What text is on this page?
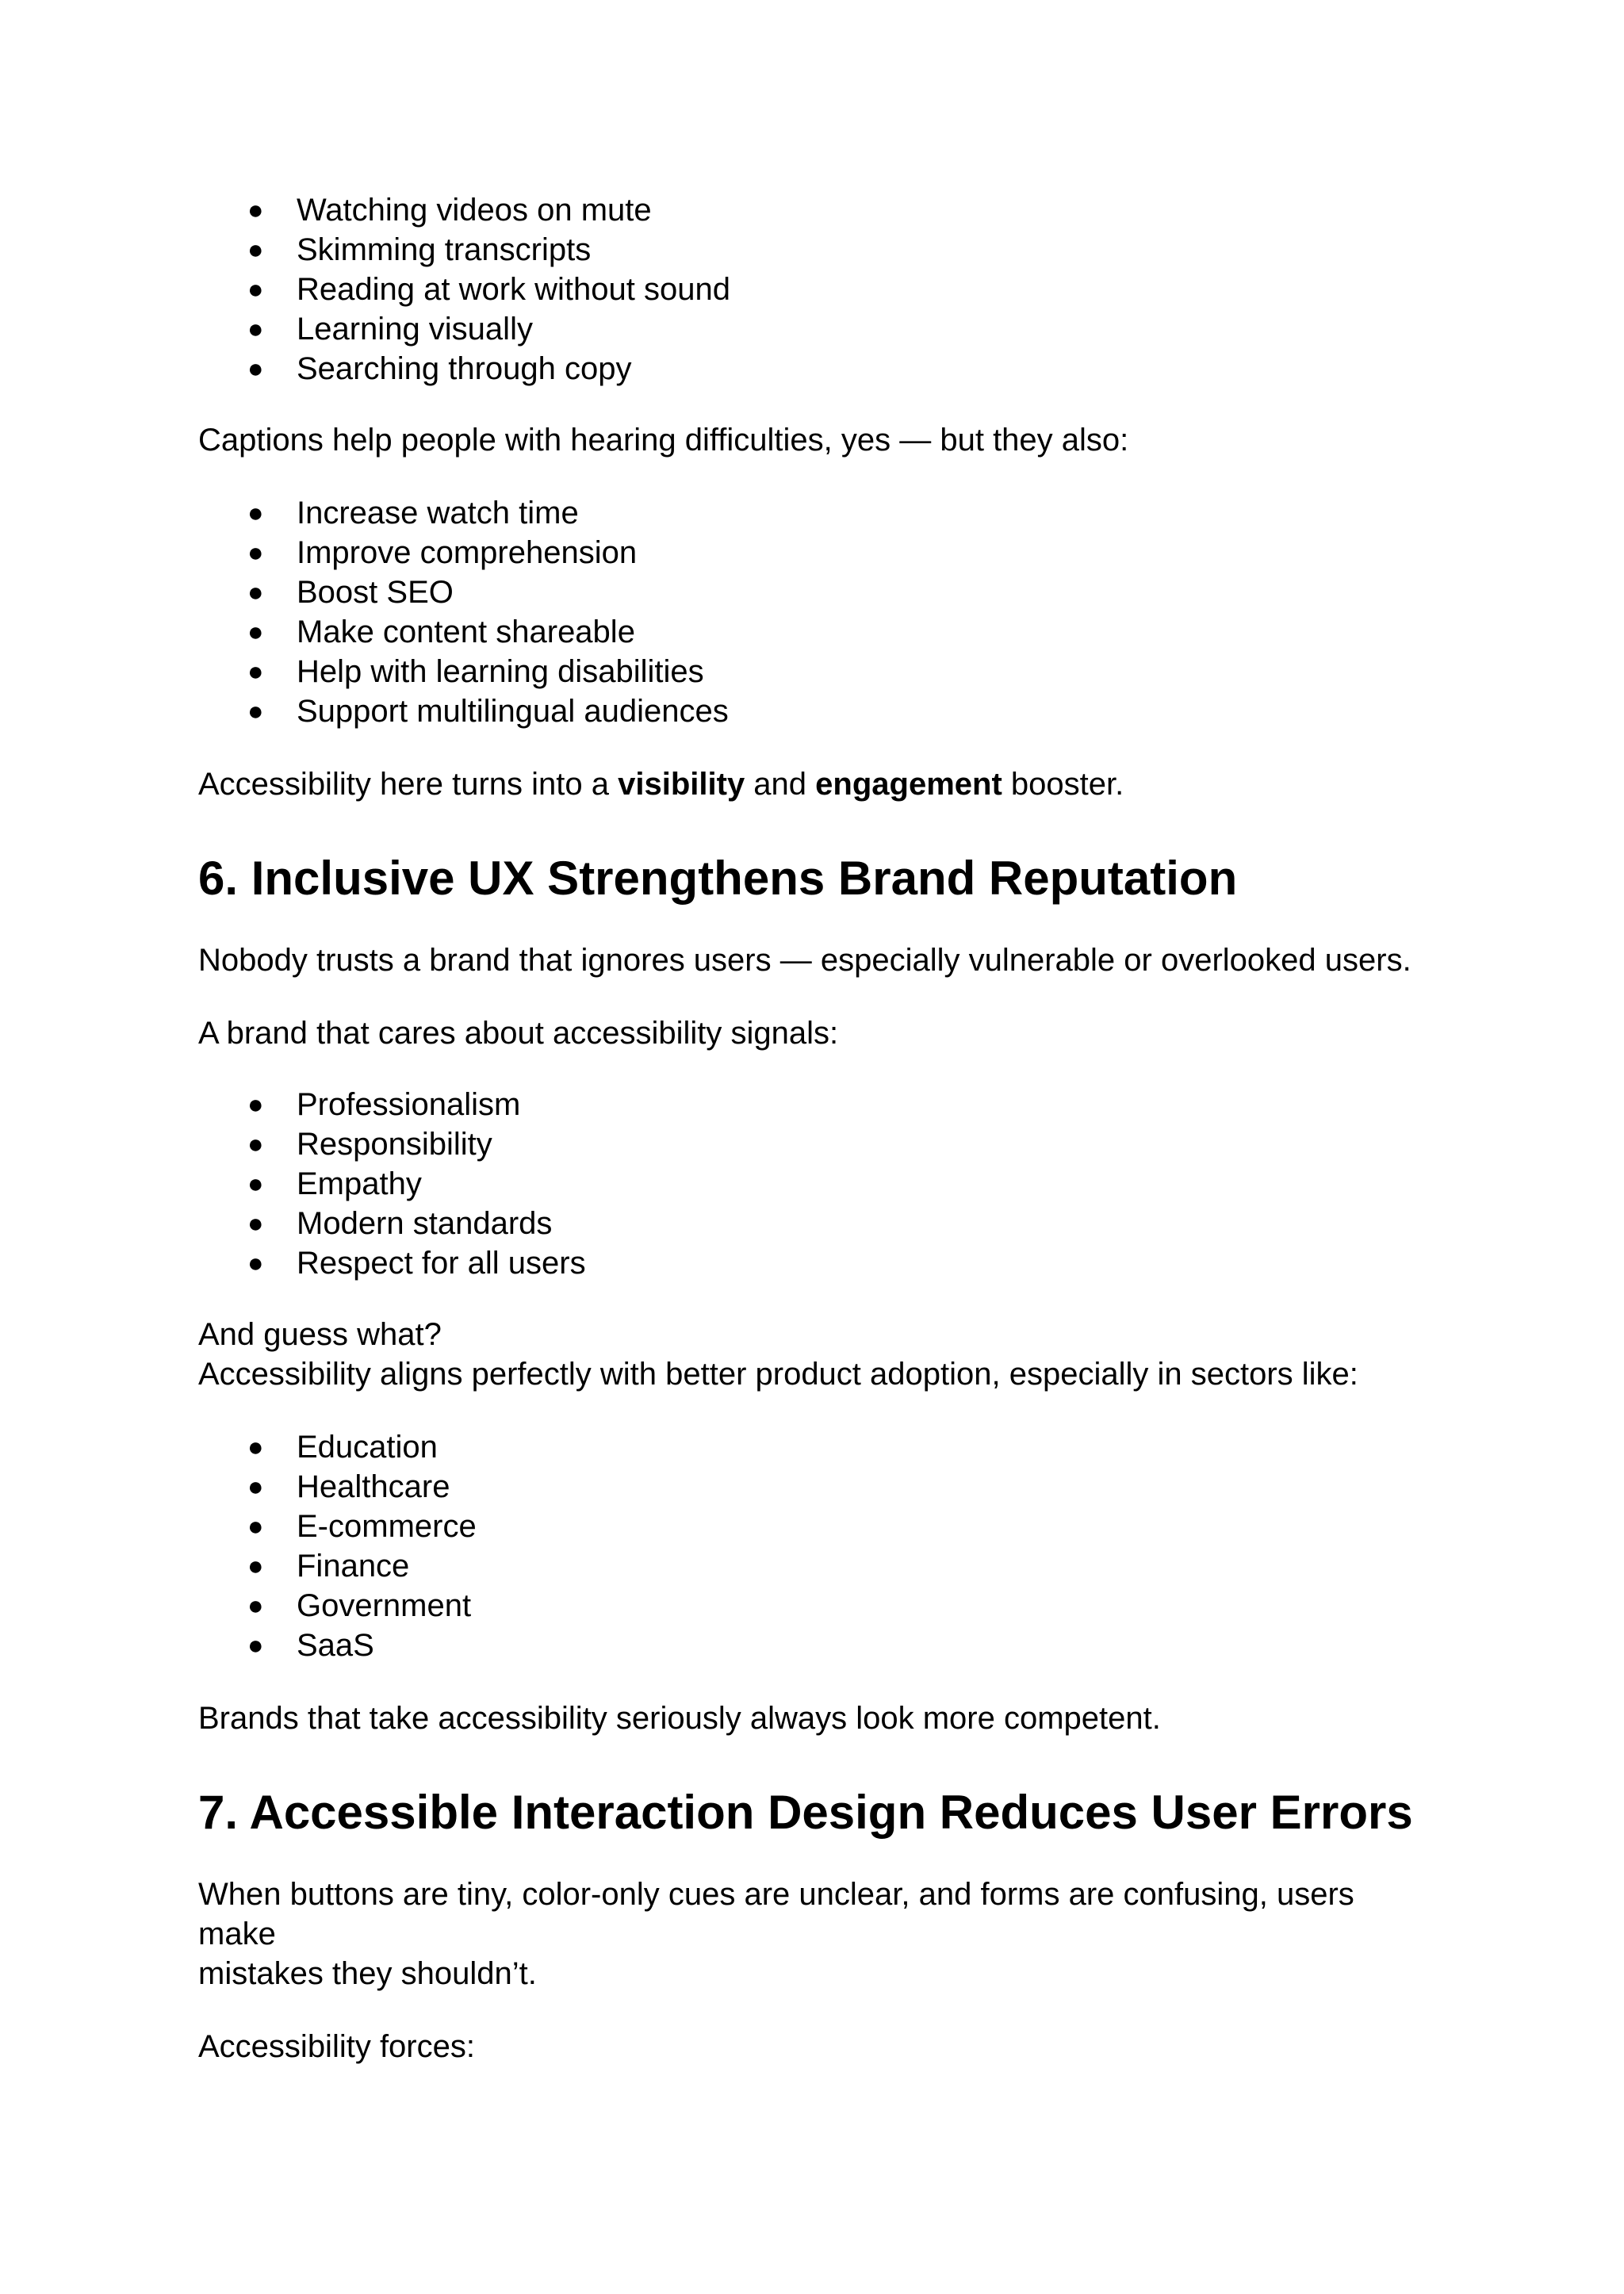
● Watching videos on mute
● Skimming transcripts
● Reading at work without sound
● Learning visually
● Searching through copy

Captions help people with hearing difficulties, yes — but they also:

● Increase watch time
● Improve comprehension
● Boost SEO
● Make content shareable
● Help with learning disabilities
● Support multilingual audiences

Accessibility here turns into a visibility and engagement booster.

6. Inclusive UX Strengthens Brand Reputation

Nobody trusts a brand that ignores users — especially vulnerable or overlooked users.

A brand that cares about accessibility signals:

● Professionalism
● Responsibility
● Empathy
● Modern standards
● Respect for all users

And guess what?
Accessibility aligns perfectly with better product adoption, especially in sectors like:

● Education
● Healthcare
● E-commerce
● Finance
● Government
● SaaS

Brands that take accessibility seriously always look more competent.

7. Accessible Interaction Design Reduces User Errors

When buttons are tiny, color-only cues are unclear, and forms are confusing, users make
mistakes they shouldn’t.

Accessibility forces:
